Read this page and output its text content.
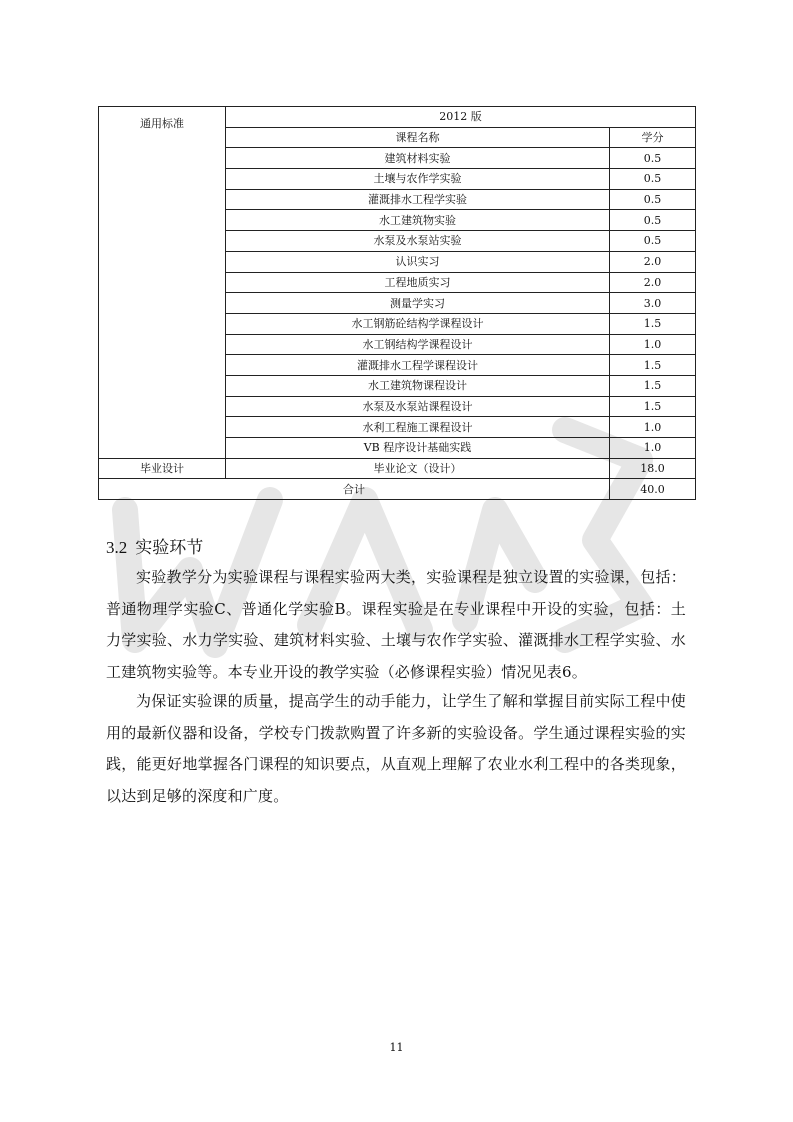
通用标准	2012 版	
	课程名称	学分
	建筑材料实验	0.5
	土壤与农作学实验	0.5
	灌溉排水工程学实验	0.5
	水工建筑物实验	0.5
	水泵及水泵站实验	0.5
	认识实习	2.0
	工程地质实习	2.0
	测量学实习	3.0
	水工钢筋砼结构学课程设计	1.5
	水工钢结构学课程设计	1.0
	灌溉排水工程学课程设计	1.5
	水工建筑物课程设计	1.5
	水泵及水泵站课程设计	1.5
	水利工程施工课程设计	1.0
	VB 程序设计基础实践	1.0
毕业设计	毕业论文（设计）	18.0
合计		40.0
3.2 实验环节

实验教学分为实验课程与课程实验两大类，实验课程是独立设置的实验课，包括：普通物理学实验C、普通化学实验B。课程实验是在专业课程中开设的实验，包括：土力学实验、水力学实验、建筑材料实验、土壤与农作学实验、灌溉排水工程学实验、水工建筑物实验等。本专业开设的教学实验（必修课程实验）情况见表6。

为保证实验课的质量，提高学生的动手能力，让学生了解和掌握目前实际工程中使用的最新仪器和设备，学校专门拨款购置了许多新的实验设备。学生通过课程实验的实践，能更好地掌握各门课程的知识要点，从直观上理解了农业水利工程中的各类现象，以达到足够的深度和广度。

11
